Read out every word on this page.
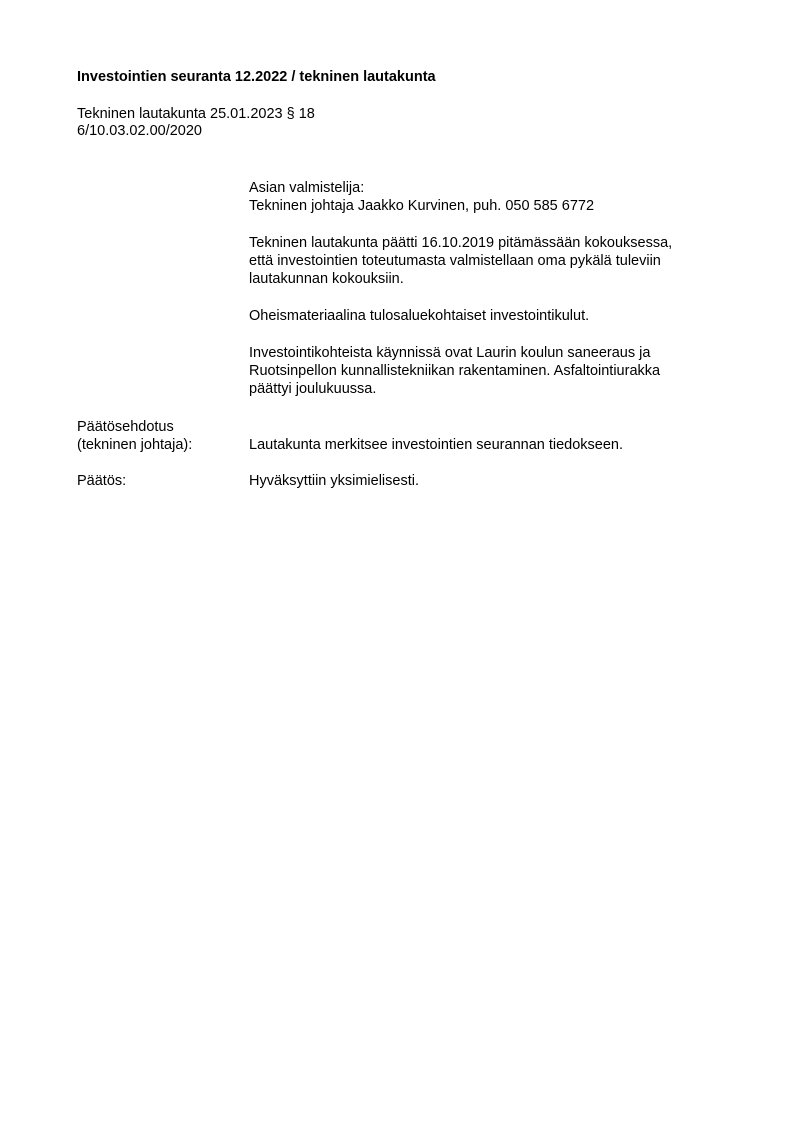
Investointien seuranta 12.2022 / tekninen lautakunta
Tekninen lautakunta 25.01.2023 § 18
6/10.03.02.00/2020
Asian valmistelija:
Tekninen johtaja Jaakko Kurvinen, puh. 050 585 6772
Tekninen lautakunta päätti 16.10.2019 pitämässään kokouksessa,
että investointien toteutumasta valmistellaan oma pykälä tuleviin
lautakunnan kokouksiin.
Oheismateriaalina tulosaluekohtaiset investointikulut.
Investointikohteista käynnissä ovat Laurin koulun saneeraus ja
Ruotsinpellon kunnallistekniikan rakentaminen. Asfaltointiurakka
päättyi joulukuussa.
Päätösehdotus
(tekninen johtaja):	Lautakunta merkitsee investointien seurannan tiedokseen.
Päätös:	Hyväksyttiin yksimielisesti.
